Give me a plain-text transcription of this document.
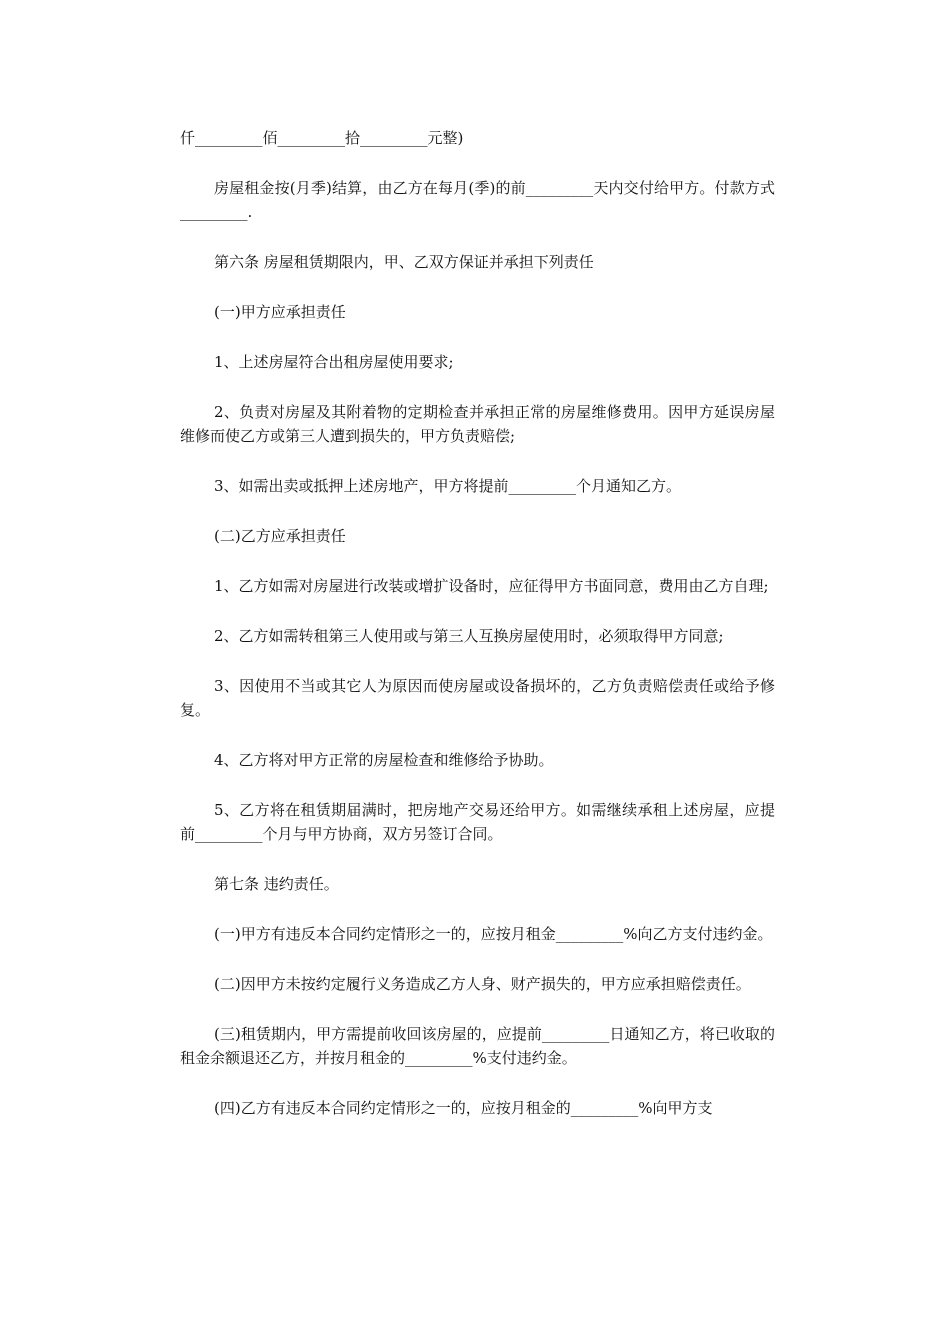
仟_________佰_________拾_________元整)

房屋租金按(月季)结算，由乙方在每月(季)的前_________天内交付给甲方。付款方式_________.

第六条 房屋租赁期限内，甲、乙双方保证并承担下列责任

(一)甲方应承担责任

1、上述房屋符合出租房屋使用要求;

2、负责对房屋及其附着物的定期检查并承担正常的房屋维修费用。因甲方延误房屋维修而使乙方或第三人遭到损失的，甲方负责赔偿;

3、如需出卖或抵押上述房地产，甲方将提前_________个月通知乙方。

(二)乙方应承担责任

1、乙方如需对房屋进行改装或增扩设备时，应征得甲方书面同意，费用由乙方自理;

2、乙方如需转租第三人使用或与第三人互换房屋使用时，必须取得甲方同意;

3、因使用不当或其它人为原因而使房屋或设备损坏的，乙方负责赔偿责任或给予修复。

4、乙方将对甲方正常的房屋检查和维修给予协助。

5、乙方将在租赁期届满时，把房地产交易还给甲方。如需继续承租上述房屋，应提前_________个月与甲方协商，双方另签订合同。

第七条 违约责任。

(一)甲方有违反本合同约定情形之一的，应按月租金_________%向乙方支付违约金。

(二)因甲方未按约定履行义务造成乙方人身、财产损失的，甲方应承担赔偿责任。

(三)租赁期内，甲方需提前收回该房屋的，应提前_________日通知乙方，将已收取的租金余额退还乙方，并按月租金的_________%支付违约金。

(四)乙方有违反本合同约定情形之一的，应按月租金的_________%向甲方支
